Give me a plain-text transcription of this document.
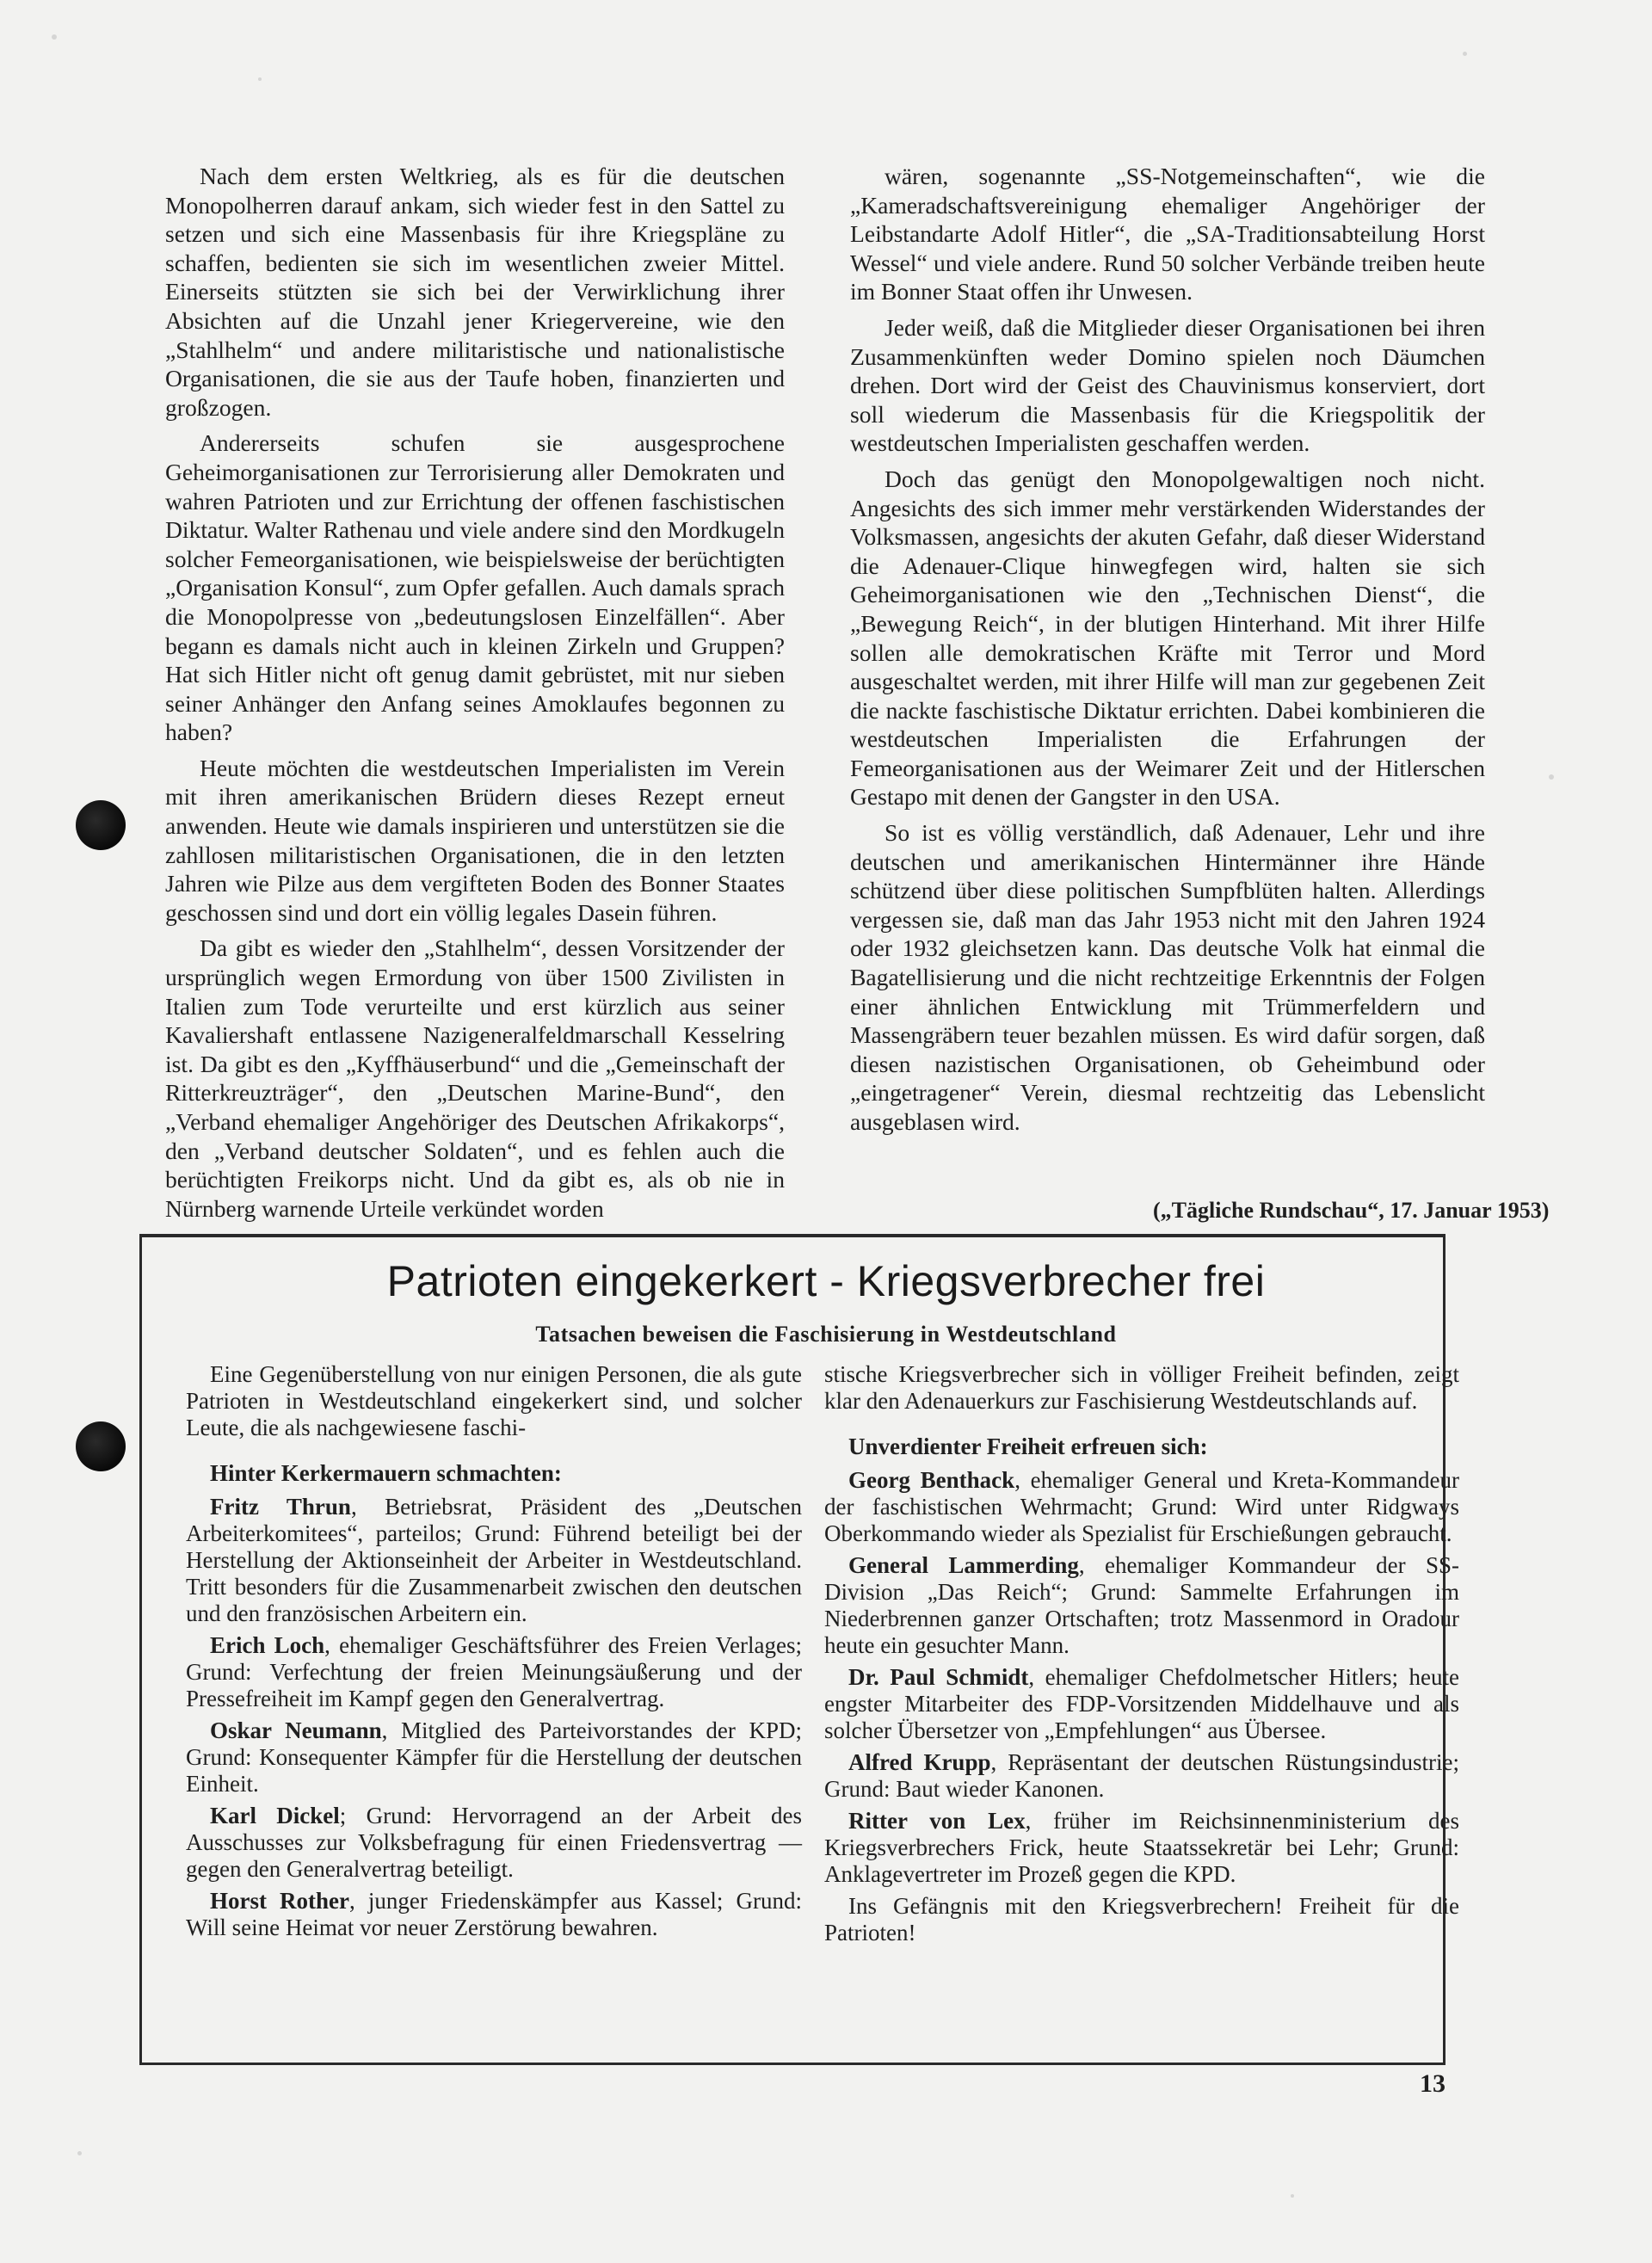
Nach dem ersten Weltkrieg, als es für die deutschen Monopolherren darauf ankam, sich wieder fest in den Sattel zu setzen und sich eine Massenbasis für ihre Kriegspläne zu schaffen, bedienten sie sich im wesentlichen zweier Mittel. Einerseits stützten sie sich bei der Verwirklichung ihrer Absichten auf die Unzahl jener Kriegervereine, wie den „Stahlhelm“ und andere militaristische und nationalistische Organisationen, die sie aus der Taufe hoben, finanzierten und großzogen.

Andererseits schufen sie ausgesprochene Geheimorganisationen zur Terrorisierung aller Demokraten und wahren Patrioten und zur Errichtung der offenen faschistischen Diktatur. Walter Rathenau und viele andere sind den Mordkugeln solcher Femeorganisationen, wie beispielsweise der berüchtigten „Organisation Konsul“, zum Opfer gefallen. Auch damals sprach die Monopolpresse von „bedeutungslosen Einzelfällen“. Aber begann es damals nicht auch in kleinen Zirkeln und Gruppen? Hat sich Hitler nicht oft genug damit gebrüstet, mit nur sieben seiner Anhänger den Anfang seines Amoklaufes begonnen zu haben?

Heute möchten die westdeutschen Imperialisten im Verein mit ihren amerikanischen Brüdern dieses Rezept erneut anwenden. Heute wie damals inspirieren und unterstützen sie die zahllosen militaristischen Organisationen, die in den letzten Jahren wie Pilze aus dem vergifteten Boden des Bonner Staates geschossen sind und dort ein völlig legales Dasein führen.

Da gibt es wieder den „Stahlhelm“, dessen Vorsitzender der ursprünglich wegen Ermordung von über 1500 Zivilisten in Italien zum Tode verurteilte und erst kürzlich aus seiner Kavaliershaft entlassene Nazigeneralfeldmarschall Kesselring ist. Da gibt es den „Kyffhäuserbund“ und die „Gemeinschaft der Ritterkreuzträger“, den „Deutschen Marine-Bund“, den „Verband ehemaliger Angehöriger des Deutschen Afrikakorps“, den „Verband deutscher Soldaten“, und es fehlen auch die berüchtigten Freikorps nicht. Und da gibt es, als ob nie in Nürnberg warnende Urteile verkündet worden

wären, sogenannte „SS-Notgemeinschaften“, wie die „Kameradschaftsvereinigung ehemaliger Angehöriger der Leibstandarte Adolf Hitler“, die „SA-Traditionsabteilung Horst Wessel“ und viele andere. Rund 50 solcher Verbände treiben heute im Bonner Staat offen ihr Unwesen.

Jeder weiß, daß die Mitglieder dieser Organisationen bei ihren Zusammenkünften weder Domino spielen noch Däumchen drehen. Dort wird der Geist des Chauvinismus konserviert, dort soll wiederum die Massenbasis für die Kriegspolitik der westdeutschen Imperialisten geschaffen werden.

Doch das genügt den Monopolgewaltigen noch nicht. Angesichts des sich immer mehr verstärkenden Widerstandes der Volksmassen, angesichts der akuten Gefahr, daß dieser Widerstand die Adenauer-Clique hinwegfegen wird, halten sie sich Geheimorganisationen wie den „Technischen Dienst“, die „Bewegung Reich“, in der blutigen Hinterhand. Mit ihrer Hilfe sollen alle demokratischen Kräfte mit Terror und Mord ausgeschaltet werden, mit ihrer Hilfe will man zur gegebenen Zeit die nackte faschistische Diktatur errichten. Dabei kombinieren die westdeutschen Imperialisten die Erfahrungen der Femeorganisationen aus der Weimarer Zeit und der Hitlerschen Gestapo mit denen der Gangster in den USA.

So ist es völlig verständlich, daß Adenauer, Lehr und ihre deutschen und amerikanischen Hintermänner ihre Hände schützend über diese politischen Sumpfblüten halten. Allerdings vergessen sie, daß man das Jahr 1953 nicht mit den Jahren 1924 oder 1932 gleichsetzen kann. Das deutsche Volk hat einmal die Bagatellisierung und die nicht rechtzeitige Erkenntnis der Folgen einer ähnlichen Entwicklung mit Trümmerfeldern und Massengräbern teuer bezahlen müssen. Es wird dafür sorgen, daß diesen nazistischen Organisationen, ob Geheimbund oder „eingetragener“ Verein, diesmal rechtzeitig das Lebenslicht ausgeblasen wird.

(„Tägliche Rundschau“, 17. Januar 1953)
Patrioten eingekerkert - Kriegsverbrecher frei
Tatsachen beweisen die Faschisierung in Westdeutschland

Eine Gegenüberstellung von nur einigen Personen, die als gute Patrioten in Westdeutschland eingekerkert sind, und solcher Leute, die als nachgewiesene faschi-

Hinter Kerkermauern schmachten:

Fritz Thrun, Betriebsrat, Präsident des „Deutschen Arbeiterkomitees“, parteilos; Grund: Führend beteiligt bei der Herstellung der Aktionseinheit der Arbeiter in Westdeutschland. Tritt besonders für die Zusammenarbeit zwischen den deutschen und den französischen Arbeitern ein.

Erich Loch, ehemaliger Geschäftsführer des Freien Verlages; Grund: Verfechtung der freien Meinungsäußerung und der Pressefreiheit im Kampf gegen den Generalvertrag.

Oskar Neumann, Mitglied des Parteivorstandes der KPD; Grund: Konsequenter Kämpfer für die Herstellung der deutschen Einheit.

Karl Dickel; Grund: Hervorragend an der Arbeit des Ausschusses zur Volksbefragung für einen Friedensvertrag — gegen den Generalvertrag beteiligt.

Horst Rother, junger Friedenskämpfer aus Kassel; Grund: Will seine Heimat vor neuer Zerstörung bewahren.

stische Kriegsverbrecher sich in völliger Freiheit befinden, zeigt klar den Adenauerkurs zur Faschisierung Westdeutschlands auf.

Unverdienter Freiheit erfreuen sich:

Georg Benthack, ehemaliger General und Kreta-Kommandeur der faschistischen Wehrmacht; Grund: Wird unter Ridgways Oberkommando wieder als Spezialist für Erschießungen gebraucht.

General Lammerding, ehemaliger Kommandeur der SS-Division „Das Reich“; Grund: Sammelte Erfahrungen im Niederbrennen ganzer Ortschaften; trotz Massenmord in Oradour heute ein gesuchter Mann.

Dr. Paul Schmidt, ehemaliger Chefdolmetscher Hitlers; heute engster Mitarbeiter des FDP-Vorsitzenden Middelhauve und als solcher Übersetzer von „Empfehlungen“ aus Übersee.

Alfred Krupp, Repräsentant der deutschen Rüstungsindustrie; Grund: Baut wieder Kanonen.

Ritter von Lex, früher im Reichsinnenministerium des Kriegsverbrechers Frick, heute Staatssekretär bei Lehr; Grund: Anklagevertreter im Prozeß gegen die KPD.

Ins Gefängnis mit den Kriegsverbrechern! Freiheit für die Patrioten!

13
